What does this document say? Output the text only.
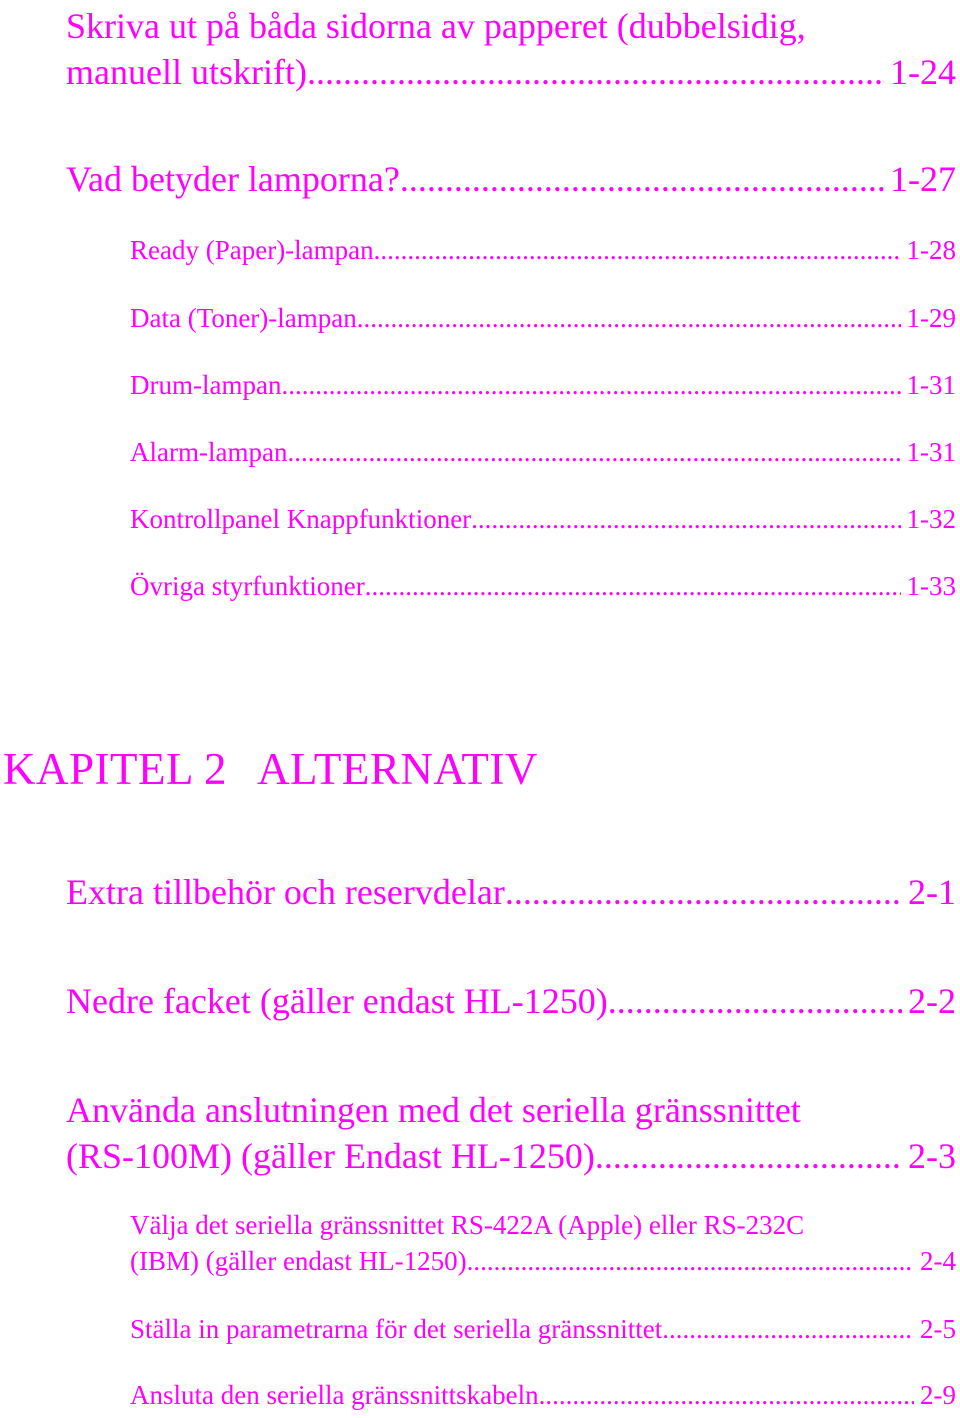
Skriva ut på båda sidorna av papperet (dubbelsidig,
manuell utskrift) .....	1-24
Vad betyder lamporna? .....	1-27
Ready (Paper)-lampan .....	1-28
Data (Toner)-lampan .....	1-29
Drum-lampan .....	1-31
Alarm-lampan .....	1-31
Kontrollpanel Knappfunktioner .....	1-32
Övriga styrfunktioner .....	1-33
KAPITEL 2 ALTERNATIV
Extra tillbehör och reservdelar .....	2-1
Nedre facket (gäller endast HL-1250) .....	2-2
Använda anslutningen med det seriella gränssnittet
(RS-100M) (gäller Endast HL-1250) .....	2-3
Välja det seriella gränssnittet RS-422A (Apple) eller RS-232C
(IBM) (gäller endast HL-1250) .....	2-4
Ställa in parametrarna för det seriella gränssnittet .....	2-5
Ansluta den seriella gränssnittskabeln .....	2-9
